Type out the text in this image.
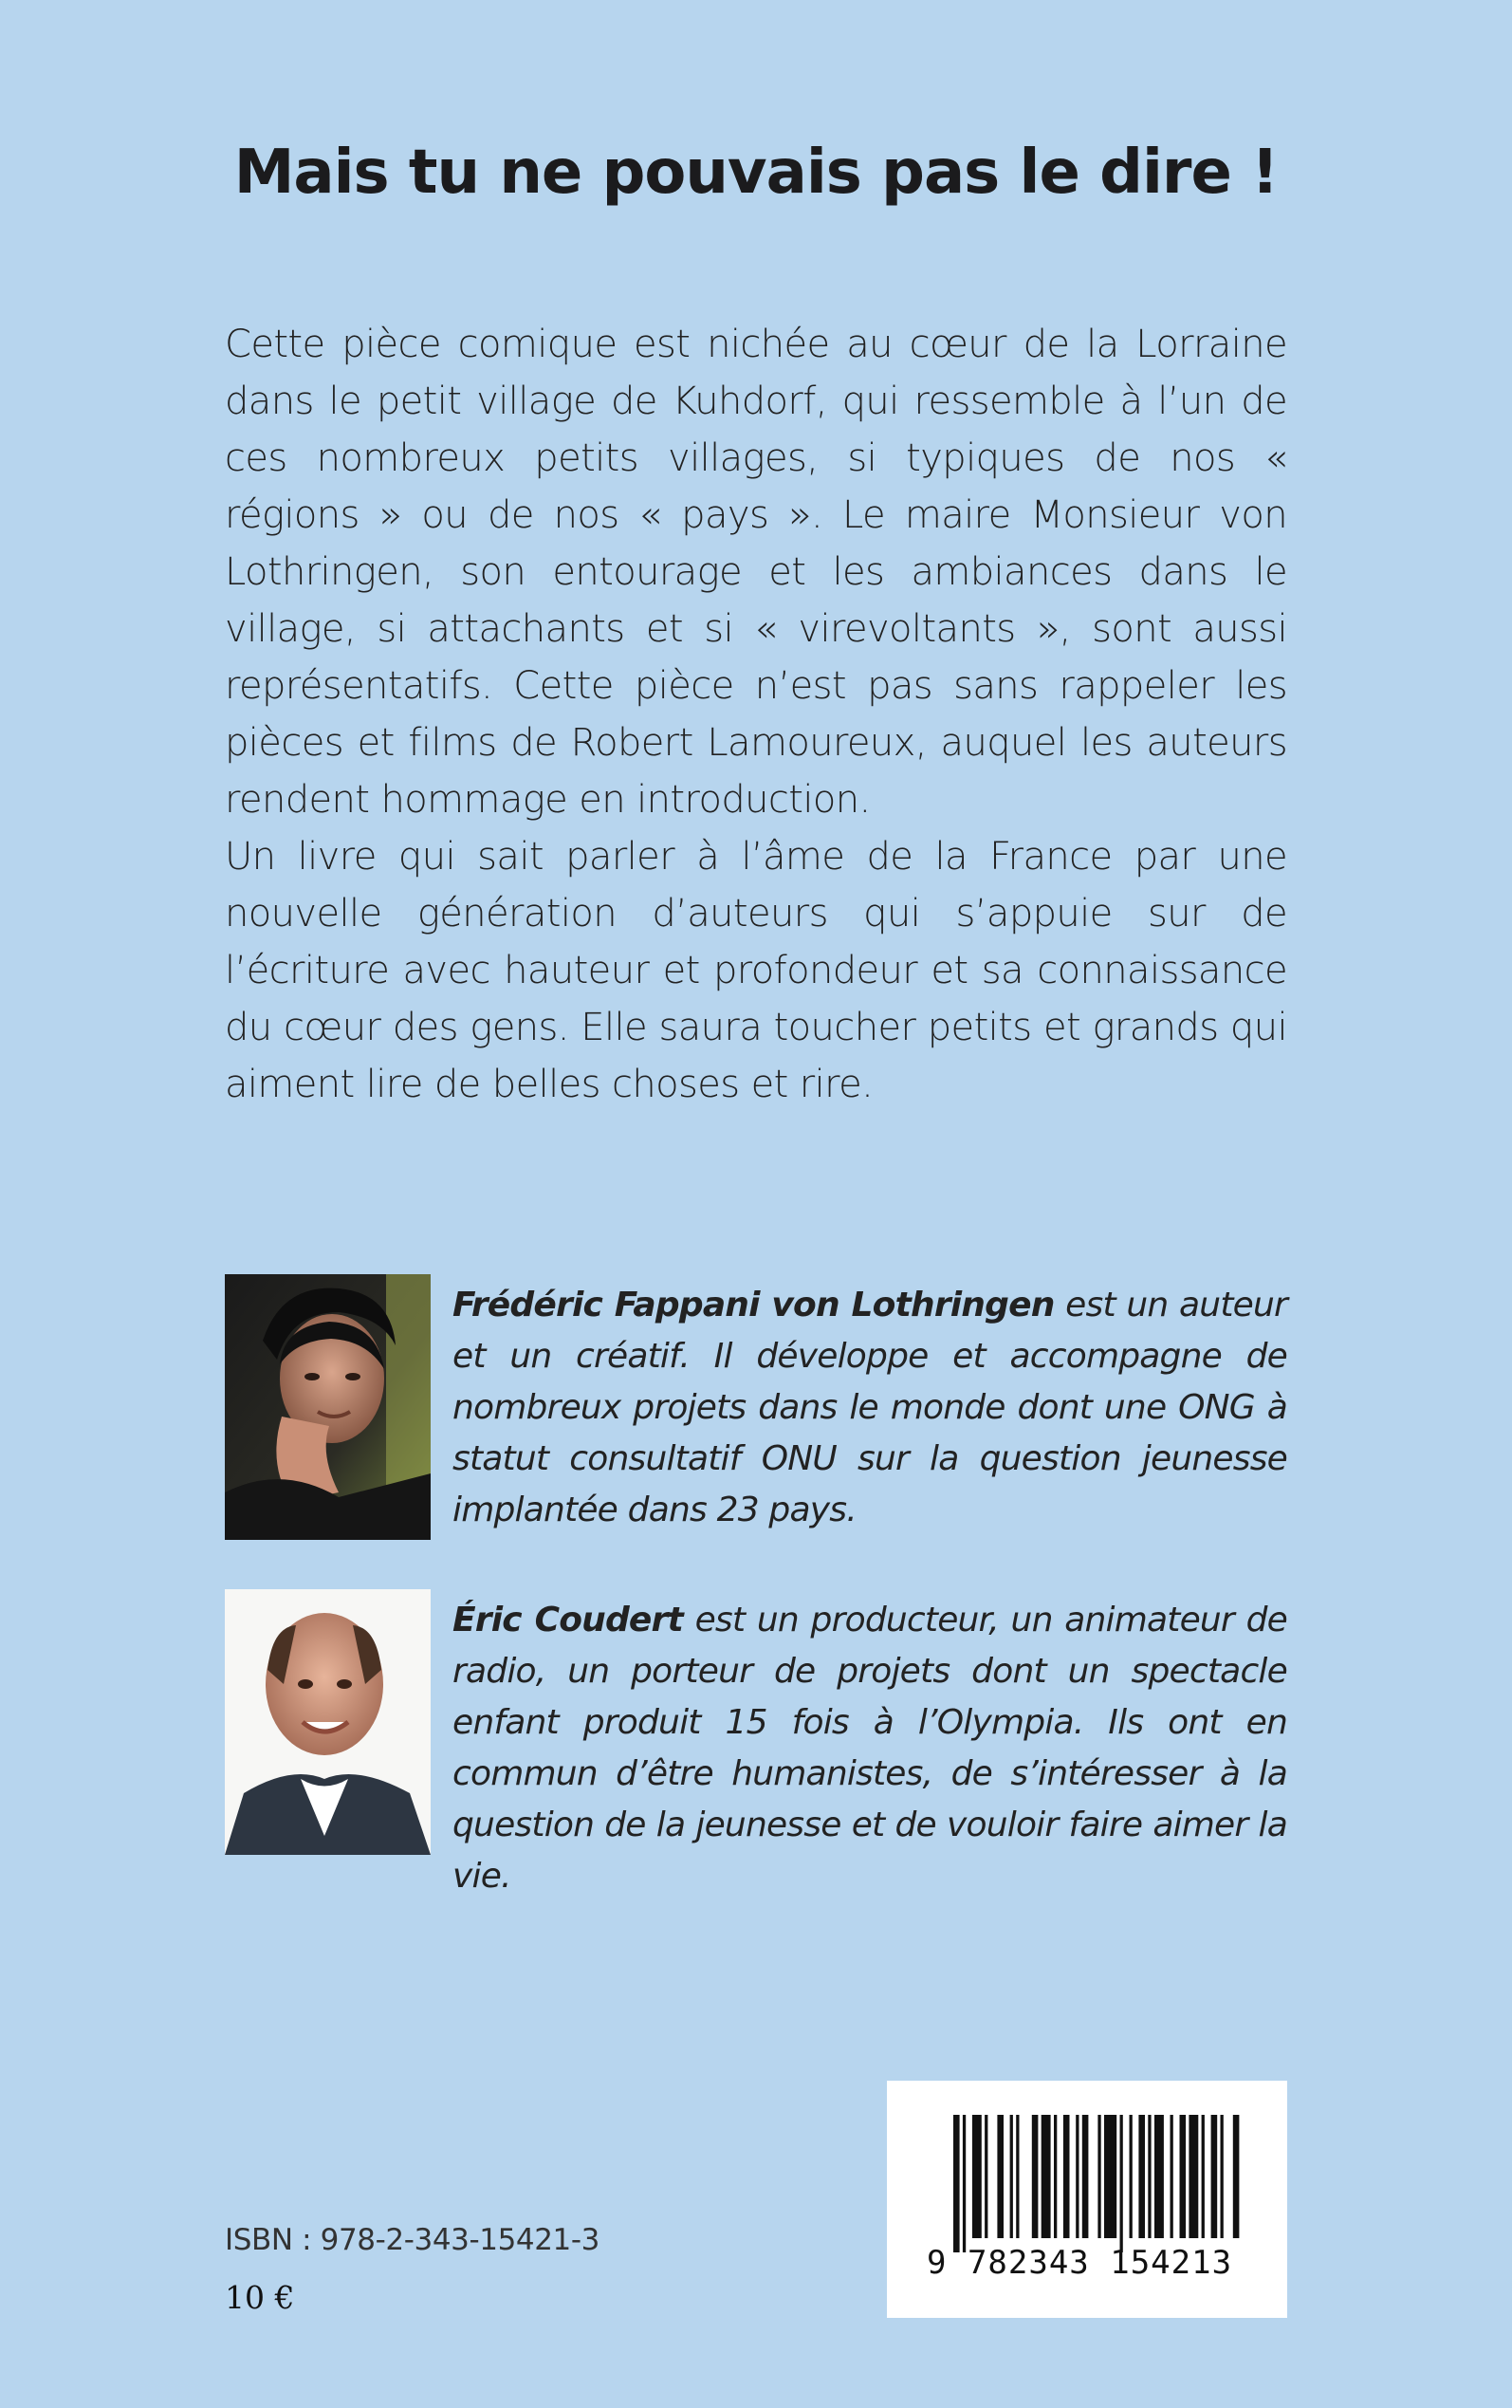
Mais tu ne pouvais pas le dire !

Cette pièce comique est nichée au cœur de la Lorraine dans le petit village de Kuhdorf, qui ressemble à l’un de ces nombreux petits villages, si typiques de nos « régions » ou de nos « pays ». Le maire Monsieur von Lothringen, son entourage et les ambiances dans le village, si attachants et si « virevoltants », sont aussi représentatifs. Cette pièce n’est pas sans rappeler les pièces et films de Robert Lamoureux, auquel les auteurs rendent hommage en introduction.

Un livre qui sait parler à l’âme de la France par une nouvelle génération d’auteurs qui s’appuie sur de l’écriture avec hauteur et profondeur et sa connaissance du cœur des gens. Elle saura toucher petits et grands qui aiment lire de belles choses et rire.

Frédéric Fappani von Lothringen est un auteur et un créatif. Il développe et accompagne de nombreux projets dans le monde dont une ONG à statut consultatif ONU sur la question jeunesse implantée dans 23 pays.

Éric Coudert est un producteur, un animateur de radio, un porteur de projets dont un spectacle enfant produit 15 fois à l’Olympia. Ils ont en commun d’être humanistes, de s’intéresser à la question de la jeunesse et de vouloir faire aimer la vie.

ISBN : 978-2-343-15421-3
10 €
9 782343 154213
